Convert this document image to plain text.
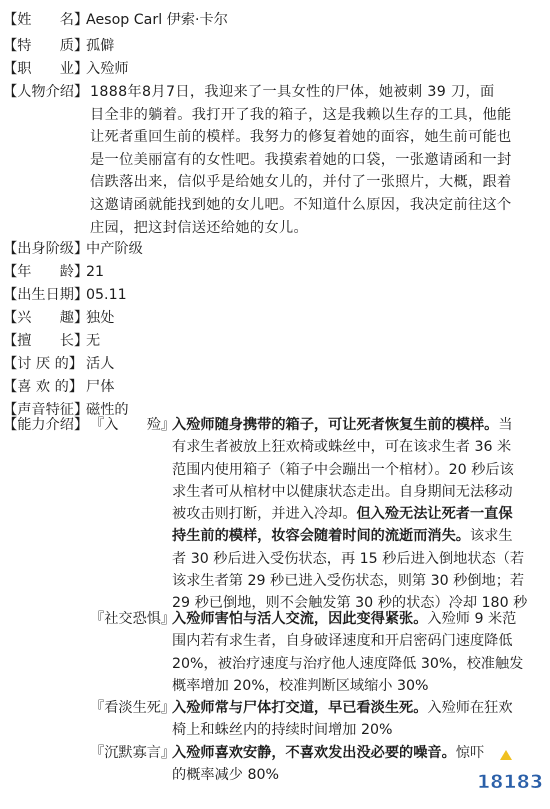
【姓　　名】
Aesop Carl 伊索·卡尔
【特　　质】
孤僻
【职　　业】
入殓师
【人物介绍】 1888年8月7日，我迎来了一具女性的尸体，她被刺 39 刀，面
目全非的躺着。我打开了我的箱子，这是我赖以生存的工具，他能
让死者重回生前的模样。我努力的修复着她的面容，她生前可能也
是一位美丽富有的女性吧。我摸索着她的口袋，一张邀请函和一封
信跌落出来，信似乎是给她女儿的，并付了一张照片，大概，跟着
这邀请函就能找到她的女儿吧。不知道什么原因，我决定前往这个
庄园，把这封信送还给她的女儿。
【出身阶级】
中产阶级
【年　　龄】
21
【出生日期】
05.11
【兴　　趣】
独处
【擅　　长】
无
【讨 厌 的】 活人
【喜 欢 的】 尸体
【声音特征】
磁性的
【能力介绍】 『入　　殓』
入殓师随身携带的箱子，可让死者恢复生前的模样。当
有求生者被放上狂欢椅或蛛丝中，可在该求生者 36 米
范围内使用箱子（箱子中会蹦出一个棺材）。20 秒后该
求生者可从棺材中以健康状态走出。自身期间无法移动
被攻击则打断，并进入冷却。但入殓无法让死者一直保
持生前的模样，妆容会随着时间的流逝而消失。该求生
者 30 秒后进入受伤状态，再 15 秒后进入倒地状态（若
该求生者第 29 秒已进入受伤状态，则第 30 秒倒地；若
29 秒已倒地，则不会触发第 30 秒的状态）冷却 180 秒
『社交恐惧』
入殓师害怕与活人交流，因此变得紧张。入殓师 9 米范
围内若有求生者，自身破译速度和开启密码门速度降低
20%，被治疗速度与治疗他人速度降低 30%，校准触发
概率增加 20%，校准判断区域缩小 30%
『看淡生死』
入殓师常与尸体打交道，早已看淡生死。入殓师在狂欢
椅上和蛛丝内的持续时间增加 20%
『沉默寡言』
入殓师喜欢安静，不喜欢发出没必要的噪音。惊吓
的概率减少 80%	18183
